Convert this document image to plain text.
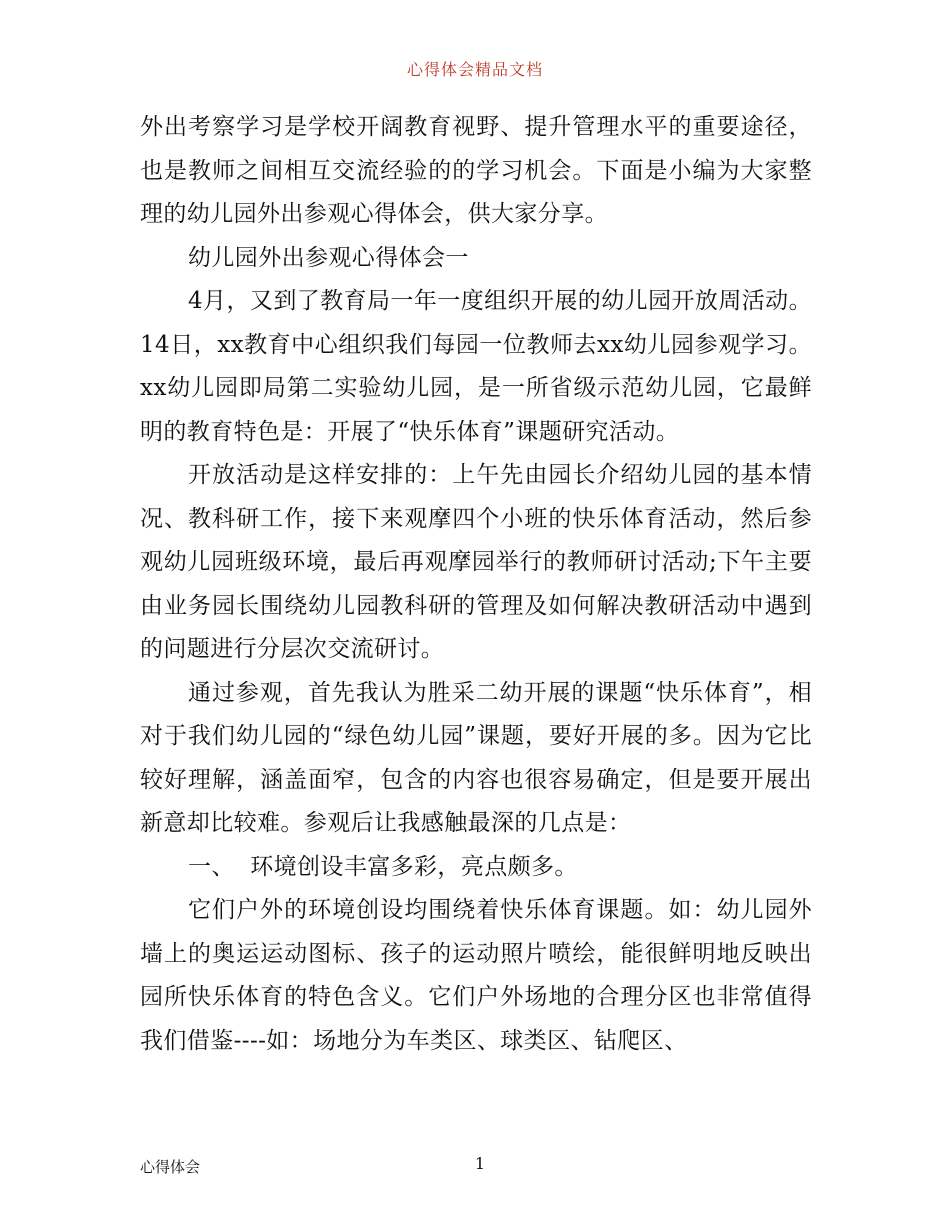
心得体会精品文档

外出考察学习是学校开阔教育视野、提升管理水平的重要途径，也是教师之间相互交流经验的的学习机会。下面是小编为大家整理的幼儿园外出参观心得体会，供大家分享。

幼儿园外出参观心得体会一

4月，又到了教育局一年一度组织开展的幼儿园开放周活动。14日，xx教育中心组织我们每园一位教师去xx幼儿园参观学习。xx幼儿园即局第二实验幼儿园，是一所省级示范幼儿园，它最鲜明的教育特色是：开展了“快乐体育”课题研究活动。

开放活动是这样安排的：上午先由园长介绍幼儿园的基本情况、教科研工作，接下来观摩四个小班的快乐体育活动，然后参观幼儿园班级环境，最后再观摩园举行的教师研讨活动;下午主要由业务园长围绕幼儿园教科研的管理及如何解决教研活动中遇到的问题进行分层次交流研讨。

通过参观，首先我认为胜采二幼开展的课题“快乐体育”，相对于我们幼儿园的“绿色幼儿园”课题，要好开展的多。因为它比较好理解，涵盖面窄，包含的内容也很容易确定，但是要开展出新意却比较难。参观后让我感触最深的几点是：

一、  环境创设丰富多彩，亮点颇多。

它们户外的环境创设均围绕着快乐体育课题。如：幼儿园外墙上的奥运运动图标、孩子的运动照片喷绘，能很鲜明地反映出园所快乐体育的特色含义。它们户外场地的合理分区也非常值得我们借鉴----如：场地分为车类区、球类区、钻爬区、

心得体会	1
